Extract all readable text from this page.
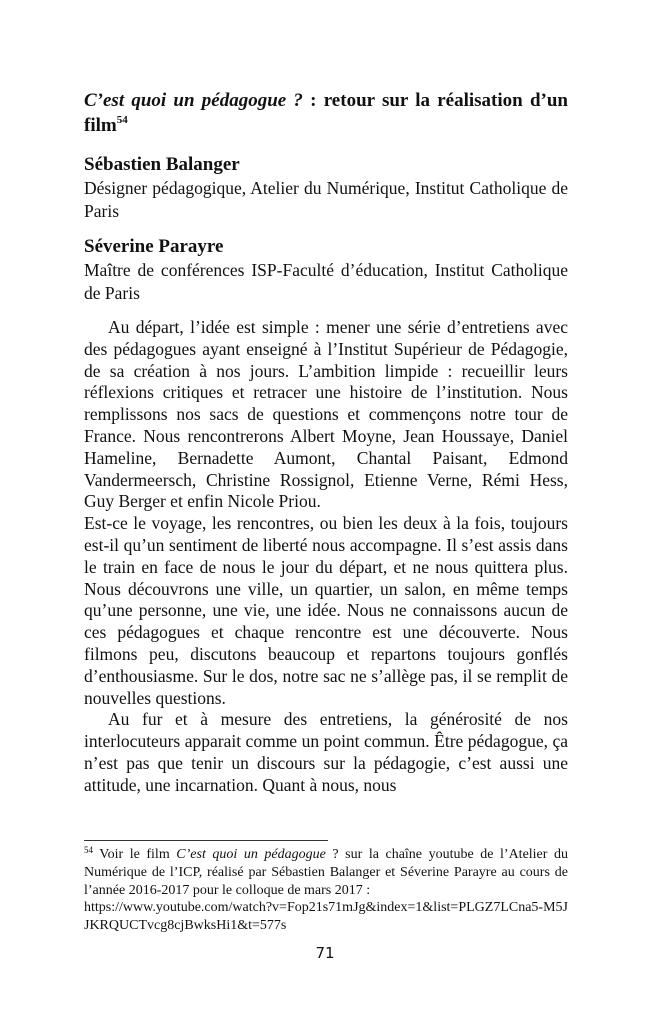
C’est quoi un pédagogue ? : retour sur la réalisation d’un film$^{54}$
Sébastien Balanger
Désigner pédagogique, Atelier du Numérique, Institut Catholique de Paris
Séverine Parayre
Maître de conférences ISP-Faculté d’éducation, Institut Catholique de Paris

Au départ, l’idée est simple : mener une série d’entretiens avec des pédagogues ayant enseigné à l’Institut Supérieur de Pédagogie, de sa création à nos jours. L’ambition limpide : recueillir leurs réflexions critiques et retracer une histoire de l’institution. Nous remplissons nos sacs de questions et commençons notre tour de France. Nous rencontrerons Albert Moyne, Jean Houssaye, Daniel Hameline, Bernadette Aumont, Chantal Paisant, Edmond Vandermeersch, Christine Rossignol, Etienne Verne, Rémi Hess, Guy Berger et enfin Nicole Priou.

Est-ce le voyage, les rencontres, ou bien les deux à la fois, toujours est-il qu’un sentiment de liberté nous accompagne. Il s’est assis dans le train en face de nous le jour du départ, et ne nous quittera plus. Nous découvrons une ville, un quartier, un salon, en même temps qu’une personne, une vie, une idée. Nous ne connaissons aucun de ces pédagogues et chaque rencontre est une découverte. Nous filmons peu, discutons beaucoup et repartons toujours gonflés d’enthousiasme. Sur le dos, notre sac ne s’allège pas, il se remplit de nouvelles questions.

Au fur et à mesure des entretiens, la générosité de nos interlocuteurs apparait comme un point commun. Être pédagogue, ça n’est pas que tenir un discours sur la pédagogie, c’est aussi une attitude, une incarnation. Quant à nous, nous

$^{54}$ Voir le film C’est quoi un pédagogue ? sur la chaîne youtube de l’Atelier du Numérique de l’ICP, réalisé par Sébastien Balanger et Séverine Parayre au cours de l’année 2016-2017 pour le colloque de mars 2017 :
https://www.youtube.com/watch?v=Fop21s71mJg&index=1&list=PLGZ7LCna5-M5JJKRQUCTvcg8cjBwksHi1&t=577s
71
